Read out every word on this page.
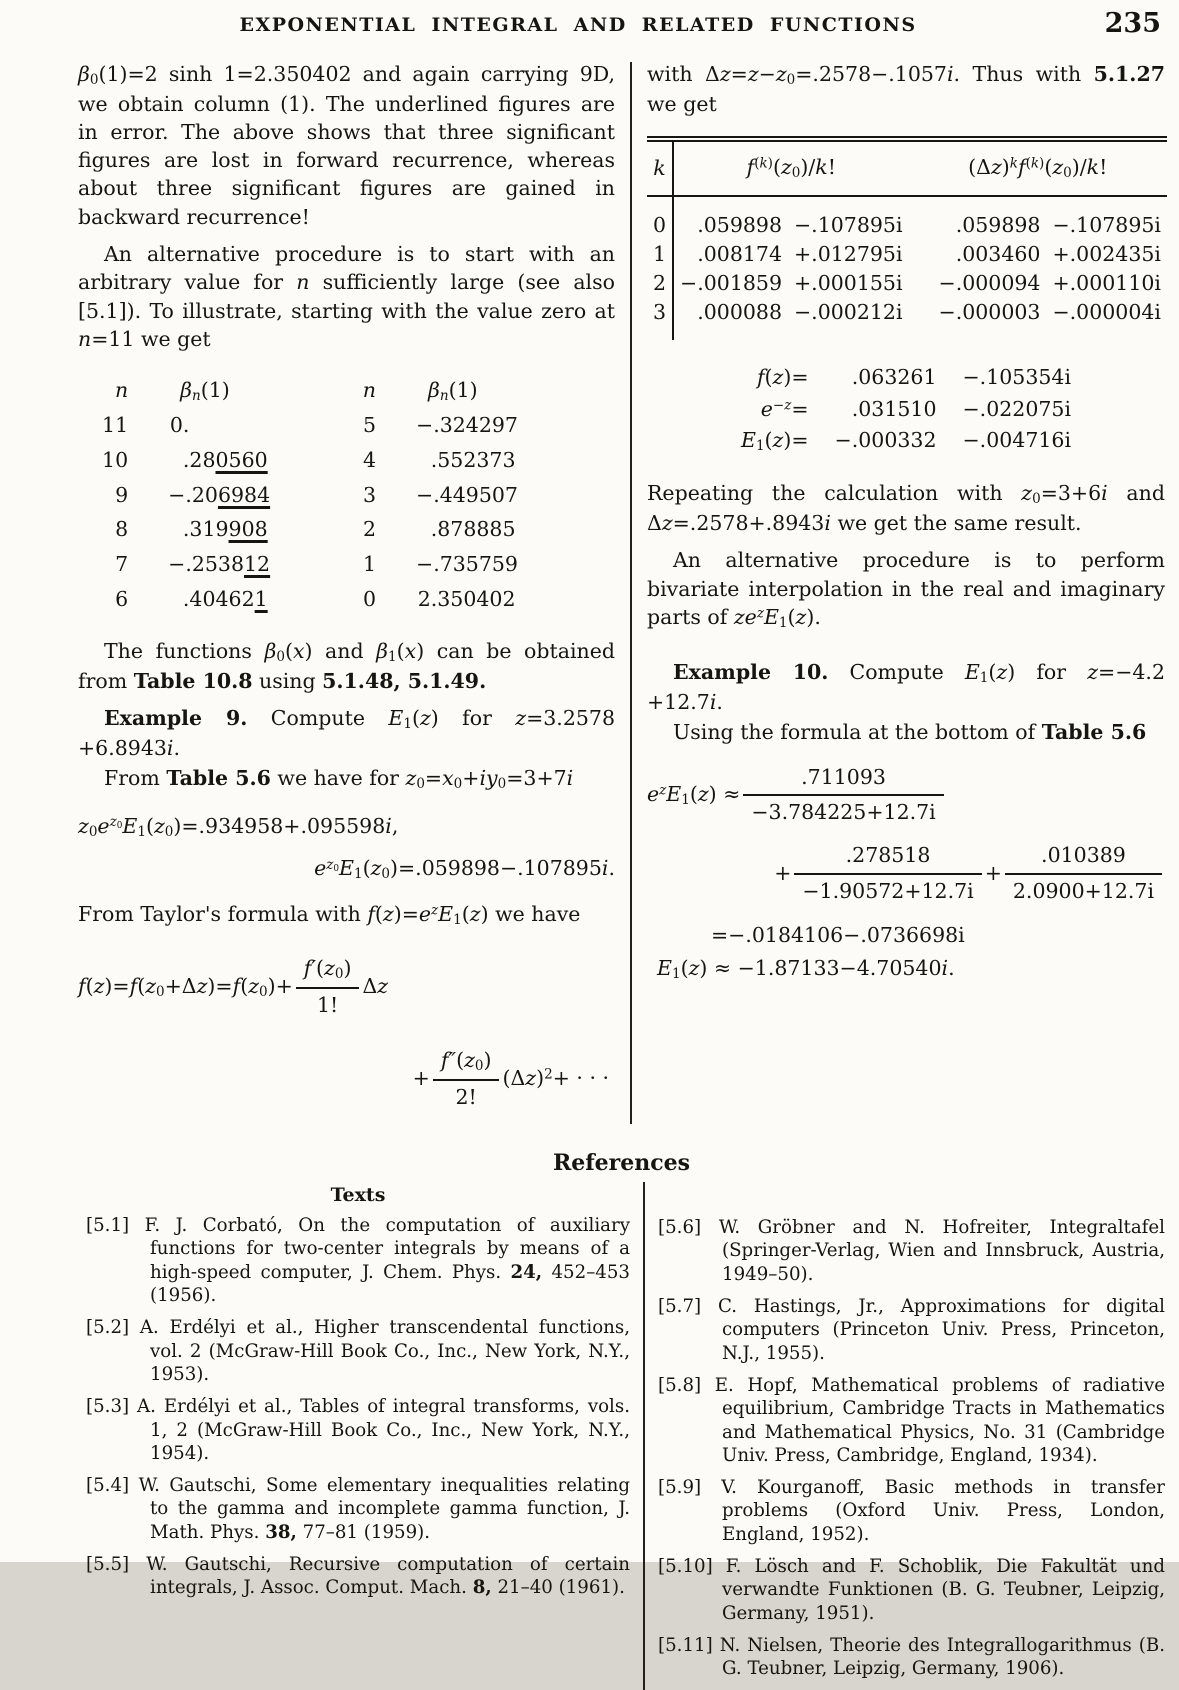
EXPONENTIAL INTEGRAL AND RELATED FUNCTIONS	235

$\beta_0(1)=2$ sinh 1=2.350402 and again carrying 9D, we obtain column (1). The underlined figures are in error. The above shows that three significant figures are lost in forward recurrence, whereas about three significant figures are gained in backward recurrence!

An alternative procedure is to start with an arbitrary value for n sufficiently large (see also [5.1]). To illustrate, starting with the value zero at n=11 we get

n	$\beta_n(1)$	n	$\beta_n(1)$
11	0.	5	−.324297
10	.280560	4	.552373
9	−.206984	3	−.449507
8	.319908	2	.878885
7	−.253812	1	−.735759
6	.404621	0	2.350402

The functions $\beta_0(x)$ and $\beta_1(x)$ can be obtained from Table 10.8 using 5.1.48, 5.1.49.

Example 9. Compute $E_1(z)$ for z=3.2578 +6.8943i.

From Table 5.6 we have for $z_0=x_0+iy_0=3+7i$

$z_0e^{z_0}E_1(z_0)=.934958+.095598i$,
$e^{z_0}E_1(z_0)=.059898-.107895i$.

From Taylor's formula with $f(z)=e^zE_1(z)$ we have

$f(z)=f(z_0+\Delta z)=f(z_0)+ \frac{f'(z_0)}{1!}$ Δz
+ $\frac{f''(z_0)}{2!} (\Delta z)^2+$ · · ·

with $\Delta z=z-z_0=.2578-.1057i$. Thus with 5.1.27 we get

k	$f^{(k)}(z_0)/k$!		$(\Delta z)^kf^{(k)}(z_0)/k$!	
0	.059898	−.107895i	.059898	−.107895i
1	.008174	+.012795i	.003460	+.002435i
2	−.001859	+.000155i	−.000094	+.000110i
3	.000088	−.000212i	−.000003	−.000004i
f(z)=	.063261 −.105354i
$e^{-z}=$	.031510 −.022075i
$E_1(z)= -.000332 -.004716i$

Repeating the calculation with $z_0=3+6i$ and Δz=.2578+.8943i we get the same result.

An alternative procedure is to perform bivariate interpolation in the real and imaginary parts of $ze^zE_1(z)$.

Example 10. Compute $E_1(z)$ for z=−4.2 +12.7i.

Using the formula at the bottom of Table 5.6

$e^zE_1(z) \approx \frac{.711093}{-3.784225+12.7i}$
+ $\frac{.278518}{-1.90572+12.7i} + \frac{.010389}{2.0900+12.7i}$
=−.0184106−.0736698i
$E_1(z) \approx -1.87133-4.70540i$.
References
Texts

[5.1] F. J. Corbató, On the computation of auxiliary functions for two-center integrals by means of a high-speed computer, J. Chem. Phys. 24, 452–453 (1956).

[5.2] A. Erdélyi et al., Higher transcendental functions, vol. 2 (McGraw-Hill Book Co., Inc., New York, N.Y., 1953).

[5.3] A. Erdélyi et al., Tables of integral transforms, vols. 1, 2 (McGraw-Hill Book Co., Inc., New York, N.Y., 1954).

[5.4] W. Gautschi, Some elementary inequalities relating to the gamma and incomplete gamma function, J. Math. Phys. 38, 77–81 (1959).

[5.5] W. Gautschi, Recursive computation of certain integrals, J. Assoc. Comput. Mach. 8, 21–40 (1961).

[5.6] W. Gröbner and N. Hofreiter, Integraltafel (Springer-Verlag, Wien and Innsbruck, Austria, 1949–50).

[5.7] C. Hastings, Jr., Approximations for digital computers (Princeton Univ. Press, Princeton, N.J., 1955).

[5.8] E. Hopf, Mathematical problems of radiative equilibrium, Cambridge Tracts in Mathematics and Mathematical Physics, No. 31 (Cambridge Univ. Press, Cambridge, England, 1934).

[5.9] V. Kourganoff, Basic methods in transfer problems (Oxford Univ. Press, London, England, 1952).

[5.10] F. Lösch and F. Schoblik, Die Fakultät und verwandte Funktionen (B. G. Teubner, Leipzig, Germany, 1951).

[5.11] N. Nielsen, Theorie des Integrallogarithmus (B. G. Teubner, Leipzig, Germany, 1906).
